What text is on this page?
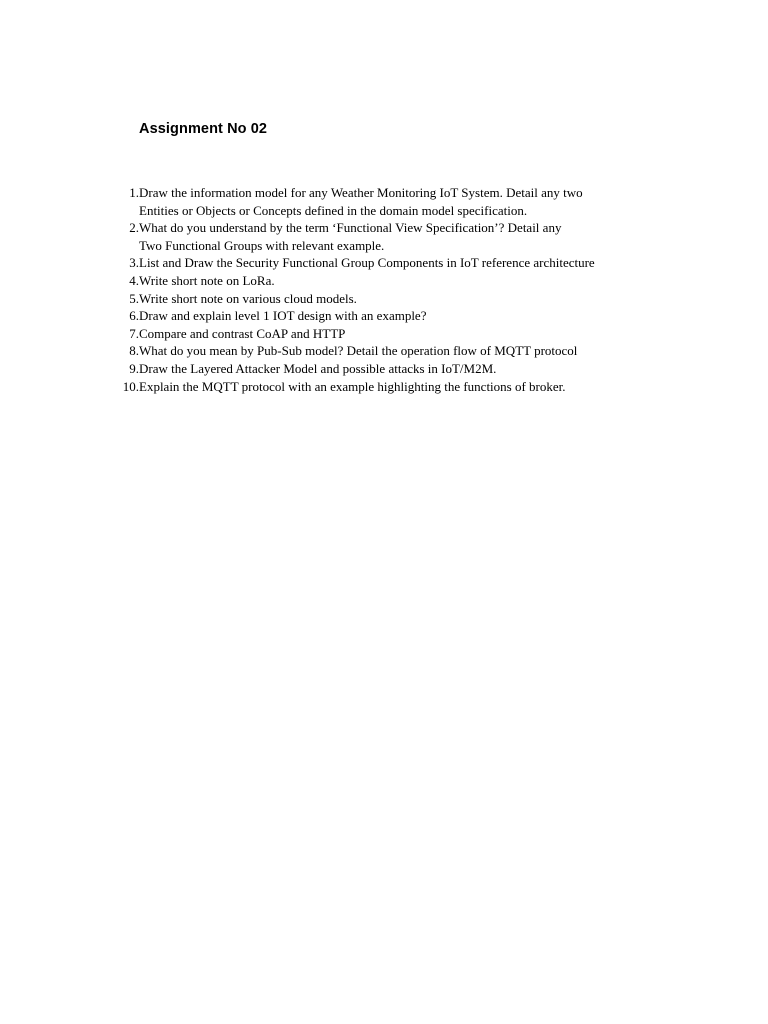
Assignment No 02
1. Draw the information model for any Weather Monitoring IoT System. Detail any two
Entities or Objects or Concepts defined in the domain model specification.
2. What do you understand by the term ‘Functional View Specification’? Detail any
Two Functional Groups with relevant example.
3. List and Draw the Security Functional Group Components in IoT reference architecture
4. Write short note on LoRa.
5. Write short note on various cloud models.
6. Draw and explain level 1 IOT design with an example?
7. Compare and contrast CoAP and HTTP
8. What do you mean by Pub-Sub model? Detail the operation flow of MQTT protocol
9. Draw the Layered Attacker Model and possible attacks in IoT/M2M.
10. Explain the MQTT protocol with an example highlighting the functions of broker.
